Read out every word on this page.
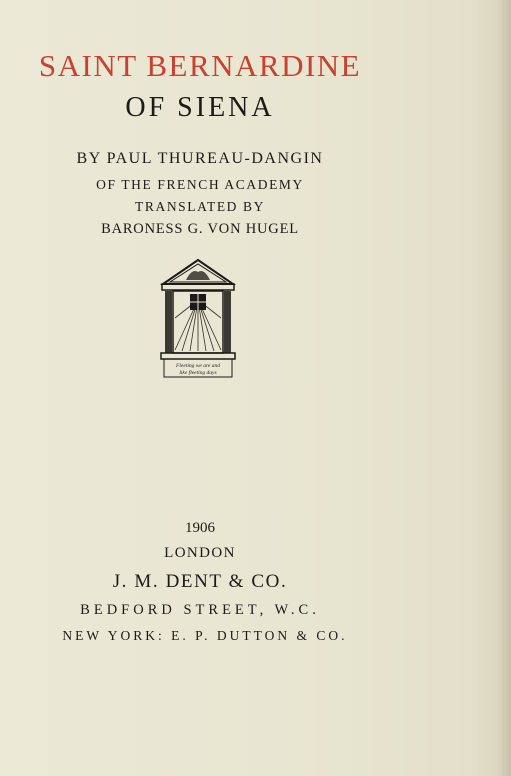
SAINT BERNARDINE
OF SIENA
BY PAUL THUREAU-DANGIN
OF THE FRENCH ACADEMY
TRANSLATED BY
BARONESS G. VON HUGEL
Fleeting we are and
like fleeting days
1906
LONDON
J. M. DENT & CO.
BEDFORD STREET, W.C.
NEW YORK: E. P. DUTTON & CO.
